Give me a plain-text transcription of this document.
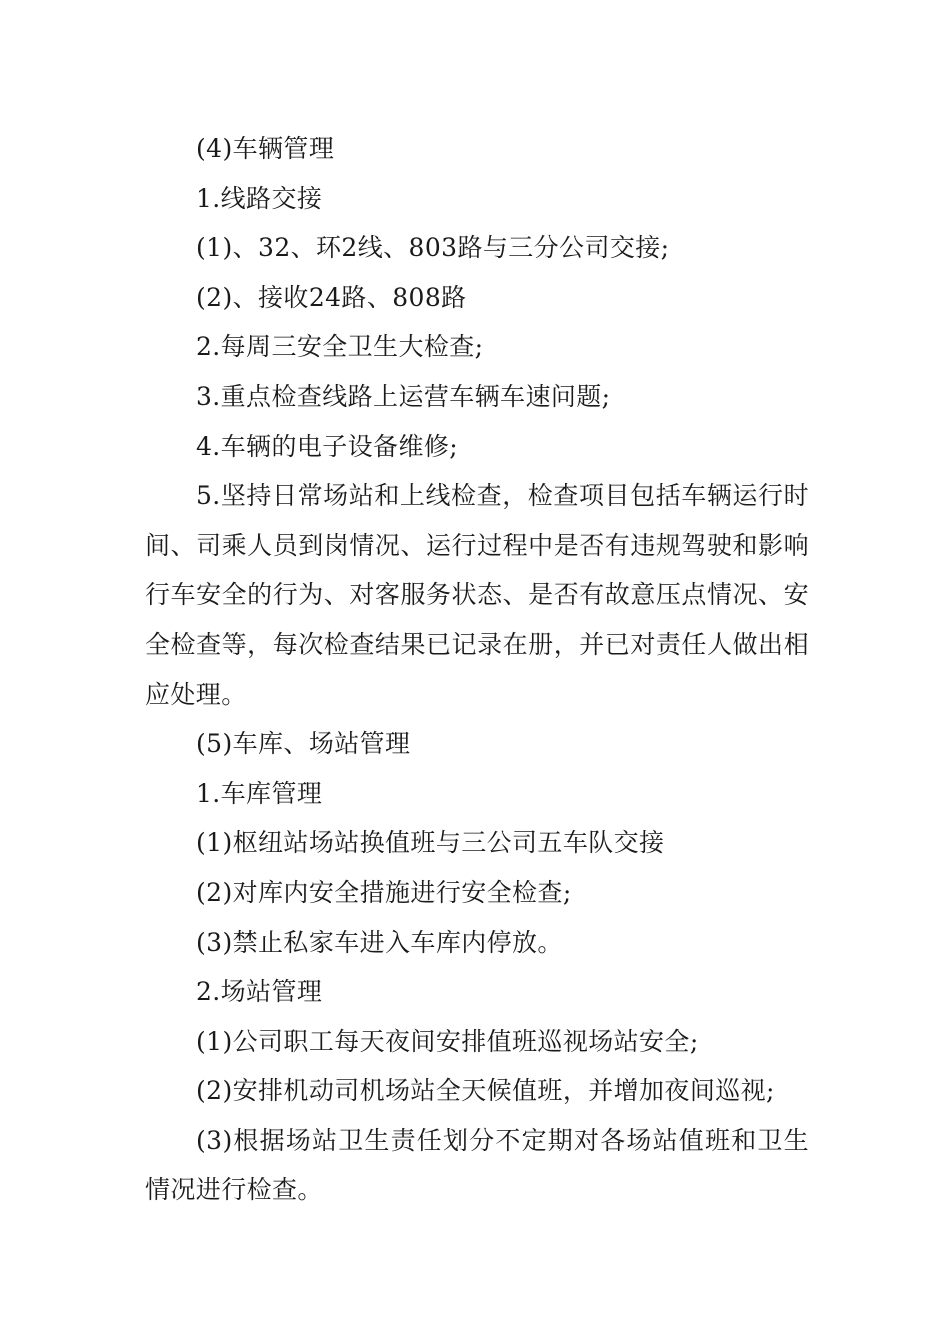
(4)车辆管理

1.线路交接

(1)、32、环2线、803路与三分公司交接;

(2)、接收24路、808路

2.每周三安全卫生大检查;

3.重点检查线路上运营车辆车速问题;

4.车辆的电子设备维修;

5.坚持日常场站和上线检查，检查项目包括车辆运行时间、司乘人员到岗情况、运行过程中是否有违规驾驶和影响行车安全的行为、对客服务状态、是否有故意压点情况、安全检查等，每次检查结果已记录在册，并已对责任人做出相应处理。

(5)车库、场站管理

1.车库管理

(1)枢纽站场站换值班与三公司五车队交接

(2)对库内安全措施进行安全检查;

(3)禁止私家车进入车库内停放。

2.场站管理

(1)公司职工每天夜间安排值班巡视场站安全;

(2)安排机动司机场站全天候值班，并增加夜间巡视;

(3)根据场站卫生责任划分不定期对各场站值班和卫生情况进行检查。
